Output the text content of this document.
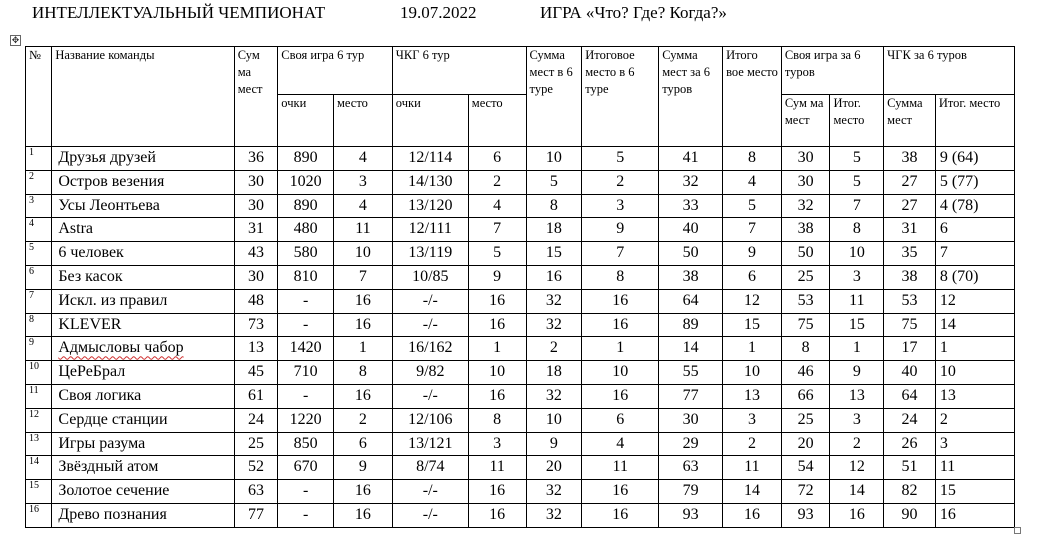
ИНТЕЛЛЕКТУАЛЬНЫЙ ЧЕМПИОНАТ	19.07.2022	ИГРА «Что? Где? Когда?»
✥
№	Название команды	Сум ма мест	Своя игра 6 тур		ЧКГ 6 тур		Сумма мест в 6 туре	Итоговое место в 6 туре	Сумма мест за 6 туров	Итого вое место	Своя игра за 6 туров		ЧГК за 6 туров	
			очки	место	очки	место					Сум ма мест	Итог. место	Сумма мест	Итог. место
1	Друзья друзей	36	890	4	12/114	6	10	5	41	8	30	5	38	9 (64)
2	Остров везения	30	1020	3	14/130	2	5	2	32	4	30	5	27	5 (77)
3	Усы Леонтьева	30	890	4	13/120	4	8	3	33	5	32	7	27	4 (78)
4	Astra	31	480	11	12/111	7	18	9	40	7	38	8	31	6
5	6 человек	43	580	10	13/119	5	15	7	50	9	50	10	35	7
6	Без касок	30	810	7	10/85	9	16	8	38	6	25	3	38	8 (70)
7	Искл. из правил	48	-	16	-/-	16	32	16	64	12	53	11	53	12
8	KLEVER	73	-	16	-/-	16	32	16	89	15	75	15	75	14
9	Адмысловы чабор	13	1420	1	16/162	1	2	1	14	1	8	1	17	1
10	ЦеРеБрал	45	710	8	9/82	10	18	10	55	10	46	9	40	10
11	Своя логика	61	-	16	-/-	16	32	16	77	13	66	13	64	13
12	Сердце станции	24	1220	2	12/106	8	10	6	30	3	25	3	24	2
13	Игры разума	25	850	6	13/121	3	9	4	29	2	20	2	26	3
14	Звёздный атом	52	670	9	8/74	11	20	11	63	11	54	12	51	11
15	Золотое сечение	63	-	16	-/-	16	32	16	79	14	72	14	82	15
16	Древо познания	77	-	16	-/-	16	32	16	93	16	93	16	90	16
